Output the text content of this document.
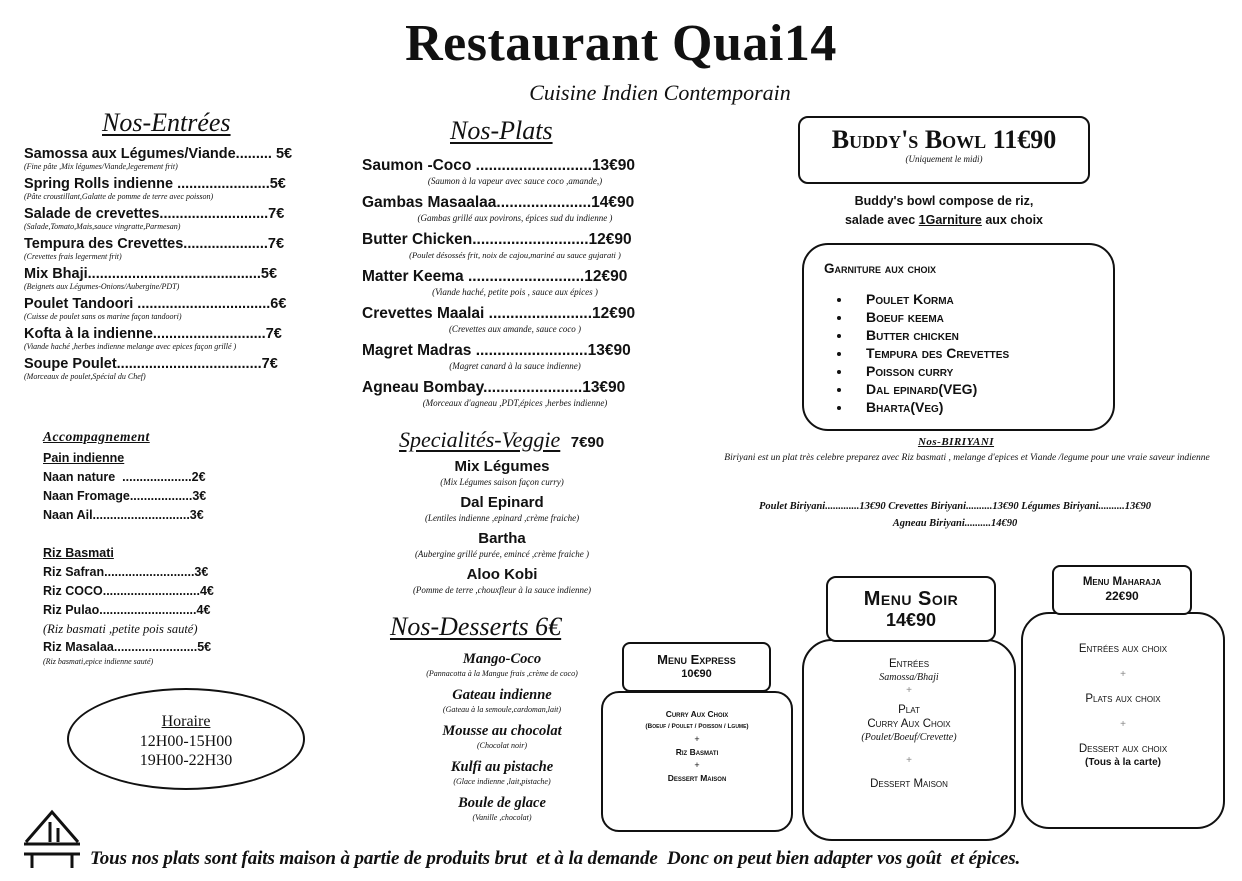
Restaurant Quai14
Cuisine Indien Contemporain
Nos-Entrées
Samossa aux Légumes/Viande......... 5€
(Fine pâte ,Mix légumes/Viande,legerement frit)
Spring Rolls indienne .......................5€
(Pâte croustillant,Galatte de pomme de terre avec poisson)
Salade de crevettes...........................7€
(Salade,Tomato,Mais,sauce vingratte,Parmesan)
Tempura des Crevettes.....................7€
(Crevettes frais legerment frit)
Mix Bhaji...........................................5€
(Beignets aux Légumes-Onions/Aubergine/PDT)
Poulet Tandoori .................................6€
(Cuisse de poulet sans os marine façon tandoori)
Kofta à la indienne............................7€
(Viande haché ,herbes indienne melange avec epices façon grillé )
Soupe Poulet....................................7€
(Morceaux de poulet,Spécial du Chef)
Accompagnement
Pain indienne
Naan nature  ....................2€
Naan Fromage..................3€
Naan Ail............................3€
Riz Basmati
Riz Safran..........................3€
Riz COCO............................4€
Riz Pulao............................4€
(Riz basmati ,petite pois sauté)
Riz Masalaa........................5€
(Riz basmati,epice indienne sauté)
Horaire
12H00-15H00
19H00-22H30
Nos-Plats
Saumon -Coco ...........................13€90
(Saumon à la vapeur avec sauce coco ,amande,)
Gambas Masaalaa......................14€90
(Gambas grillé aux povirons, épices sud du indienne )
Butter Chicken...........................12€90
(Poulet désossés frit, noix de cajou,mariné au sauce gujarati )
Matter Keema ...........................12€90
(Viande haché, petite pois , sauce aux épices )
Crevettes Maalai ........................12€90
(Crevettes aux amande, sauce coco )
Magret Madras ..........................13€90
(Magret canard à la sauce indienne)
Agneau Bombay.......................13€90
(Morceaux d'agneau ,PDT,épices ,herbes indienne)
Specialités-Veggie 7€90
Mix Légumes
(Mix Légumes saison façon curry)
Dal Epinard
(Lentiles indienne ,epinard ,crème fraiche)
Bartha
(Aubergine grillé purée, emincé ,crème fraiche )
Aloo Kobi
(Pomme de terre ,chouxfleur à la sauce indienne)
Nos-Desserts 6€
Mango-Coco
(Pannacotta à la Mangue frais ,crème de coco)
Gateau indienne
(Gateau à la semoule,cardoman,lait)
Mousse au chocolat
(Chocolat noir)
Kulfi au pistache
(Glace indienne ,lait,pistache)
Boule de glace
(Vanille ,chocolat)
Buddy's Bowl 11€90
(Uniquement le midi)
Buddy's bowl compose de riz,
salade avec 1Garniture aux choix
Garniture aux choix
• Poulet Korma
• Boeuf keema
• Butter chicken
• Tempura des Crevettes
• Poisson curry
• Dal epinard(VEG)
• Bharta(Veg)
Nos-BIRIYANI
Biriyani est un plat très celebre preparez avec Riz basmati , melange d'epices et Viande /legume pour une vraie saveur indienne
Poulet Biriyani.............13€90 Crevettes Biriyani..........13€90 Légumes Biriyani..........13€90
Agneau Biriyani..........14€90
Curry Aux Choix
(Boeuf / Poulet / Poisson / Lgume)
+
Riz Basmati
+
Dessert Maison
Menu Express
10€90
Entrées
Samossa/Bhaji
+
Plat
Curry Aux Choix
(Poulet/Boeuf/Crevette)
+
Dessert Maison
Menu Soir
14€90
Entrées aux choix
+
Plats aux choix
+
Dessert aux choix
(Tous à la carte)
Menu Maharaja
22€90
Tous nos plats sont faits maison à partie de produits brut  et à la demande  Donc on peut bien adapter vos goût  et épices.
